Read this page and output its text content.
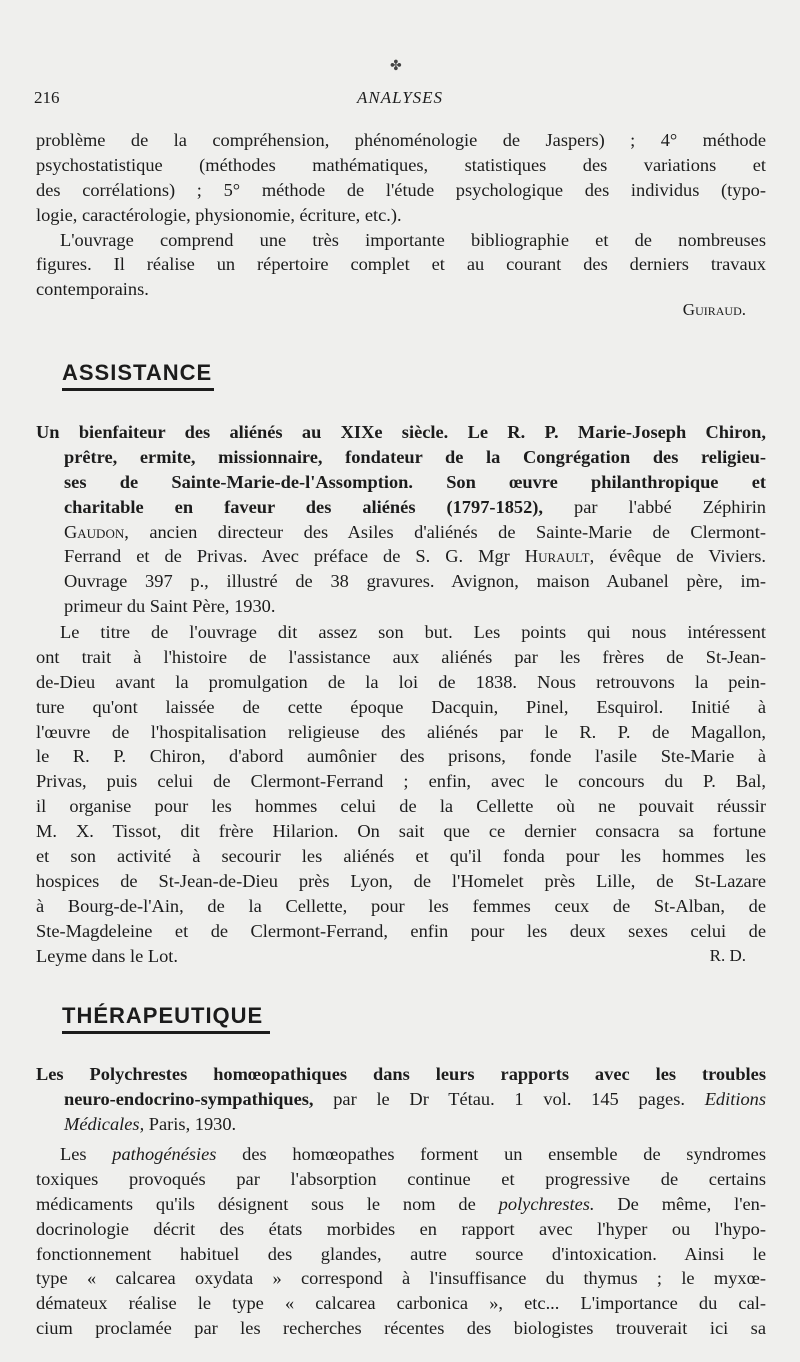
✤
216	ANALYSES
problème de la compréhension, phénoménologie de Jaspers) ; 4° méthode
psychostatistique (méthodes mathématiques, statistiques des variations et
des corrélations) ; 5° méthode de l'étude psychologique des individus (typo-
logie, caractérologie, physionomie, écriture, etc.).
L'ouvrage comprend une très importante bibliographie et de nombreuses
figures. Il réalise un répertoire complet et au courant des derniers travaux
contemporains.
Guiraud.
ASSISTANCE
Un bienfaiteur des aliénés au XIXe siècle. Le R. P. Marie-Joseph Chiron,
prêtre, ermite, missionnaire, fondateur de la Congrégation des religieu-
ses de Sainte-Marie-de-l'Assomption. Son œuvre philanthropique et
charitable en faveur des aliénés (1797-1852), par l'abbé Zéphirin
Gaudon, ancien directeur des Asiles d'aliénés de Sainte-Marie de Clermont-
Ferrand et de Privas. Avec préface de S. G. Mgr Hurault, évêque de Viviers.
Ouvrage 397 p., illustré de 38 gravures. Avignon, maison Aubanel père, im-
primeur du Saint Père, 1930.
Le titre de l'ouvrage dit assez son but. Les points qui nous intéressent
ont trait à l'histoire de l'assistance aux aliénés par les frères de St-Jean-
de-Dieu avant la promulgation de la loi de 1838. Nous retrouvons la pein-
ture qu'ont laissée de cette époque Dacquin, Pinel, Esquirol. Initié à
l'œuvre de l'hospitalisation religieuse des aliénés par le R. P. de Magallon,
le R. P. Chiron, d'abord aumônier des prisons, fonde l'asile Ste-Marie à
Privas, puis celui de Clermont-Ferrand ; enfin, avec le concours du P. Bal,
il organise pour les hommes celui de la Cellette où ne pouvait réussir
M. X. Tissot, dit frère Hilarion. On sait que ce dernier consacra sa fortune
et son activité à secourir les aliénés et qu'il fonda pour les hommes les
hospices de St-Jean-de-Dieu près Lyon, de l'Homelet près Lille, de St-Lazare
à Bourg-de-l'Ain, de la Cellette, pour les femmes ceux de St-Alban, de
Ste-Magdeleine et de Clermont-Ferrand, enfin pour les deux sexes celui de
Leyme dans le Lot.	R. D.
THÉRAPEUTIQUE
Les Polychrestes homœopathiques dans leurs rapports avec les troubles
neuro-endocrino-sympathiques, par le Dr Tétau. 1 vol. 145 pages. Editions
Médicales, Paris, 1930.
Les pathogénésies des homœopathes forment un ensemble de syndromes
toxiques provoqués par l'absorption continue et progressive de certains
médicaments qu'ils désignent sous le nom de polychrestes. De même, l'en-
docrinologie décrit des états morbides en rapport avec l'hyper ou l'hypo-
fonctionnement habituel des glandes, autre source d'intoxication. Ainsi le
type « calcarea oxydata » correspond à l'insuffisance du thymus ; le myxœ-
démateux réalise le type « calcarea carbonica », etc... L'importance du cal-
cium proclamée par les recherches récentes des biologistes trouverait ici sa
